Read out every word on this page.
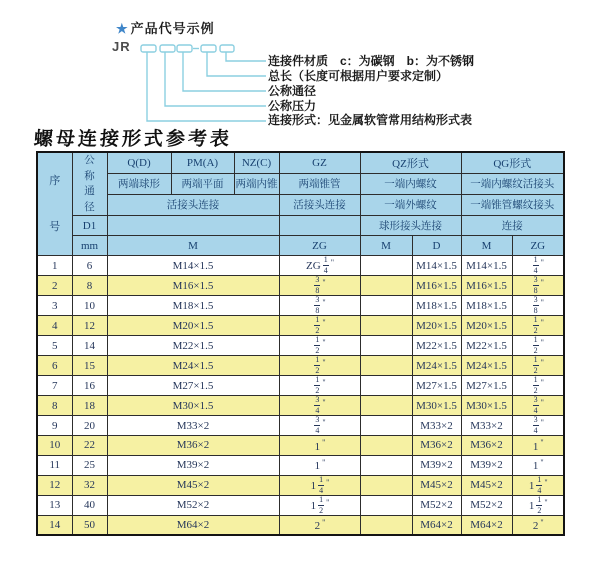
★ 产品代号示例
JR
连接件材质　c：为碳钢　b：为不锈钢
总长（长度可根据用户要求定制）
公称通径
公称压力
连接形式：见金属软管常用结构形式表
螺母连接形式参考表
序号	公称通径	Q(D)	PM(A)	NZ(C)	GZ	QZ形式		QG形式	
		两端球形	两端平面	两端内锥	两端锥管	一端内螺纹		一端内螺纹活接头	
		活接头连接			活接头连接	一端外螺纹		一端锥管螺纹接头	
	D1					球形接头连接		连接	
	mm	M			ZG	M	D	M	ZG
1	6	M14×1.5			ZG $\frac{1}{4} ^"$		M14×1.5	M14×1.5	$\frac{1}{4} ^"$
2	8	M16×1.5			$\frac{3}{8} ^"$		M16×1.5	M16×1.5	$\frac{3}{8} ^"$
3	10	M18×1.5			$\frac{3}{8} ^"$		M18×1.5	M18×1.5	$\frac{3}{8} ^"$
4	12	M20×1.5			$\frac{1}{2} ^"$		M20×1.5	M20×1.5	$\frac{1}{2} ^"$
5	14	M22×1.5			$\frac{1}{2} ^"$		M22×1.5	M22×1.5	$\frac{1}{2} ^"$
6	15	M24×1.5			$\frac{1}{2} ^"$		M24×1.5	M24×1.5	$\frac{1}{2} ^"$
7	16	M27×1.5			$\frac{1}{2} ^"$		M27×1.5	M27×1.5	$\frac{1}{2} ^"$
8	18	M30×1.5			$\frac{3}{4} ^"$		M30×1.5	M30×1.5	$\frac{3}{4} ^"$
9	20	M33×2			$\frac{3}{4} ^"$		M33×2	M33×2	$\frac{3}{4} ^"$
10	22	M36×2			1 "		M36×2	M36×2	1 "
11	25	M39×2			1 "		M39×2	M39×2	1 "
12	32	M45×2			$1 \frac{1}{4} ^"$		M45×2	M45×2	$1 \frac{1}{4} ^"$
13	40	M52×2			$1 \frac{1}{2} ^"$		M52×2	M52×2	$1 \frac{1}{2} ^"$
14	50	M64×2			2 "		M64×2	M64×2	2 "
